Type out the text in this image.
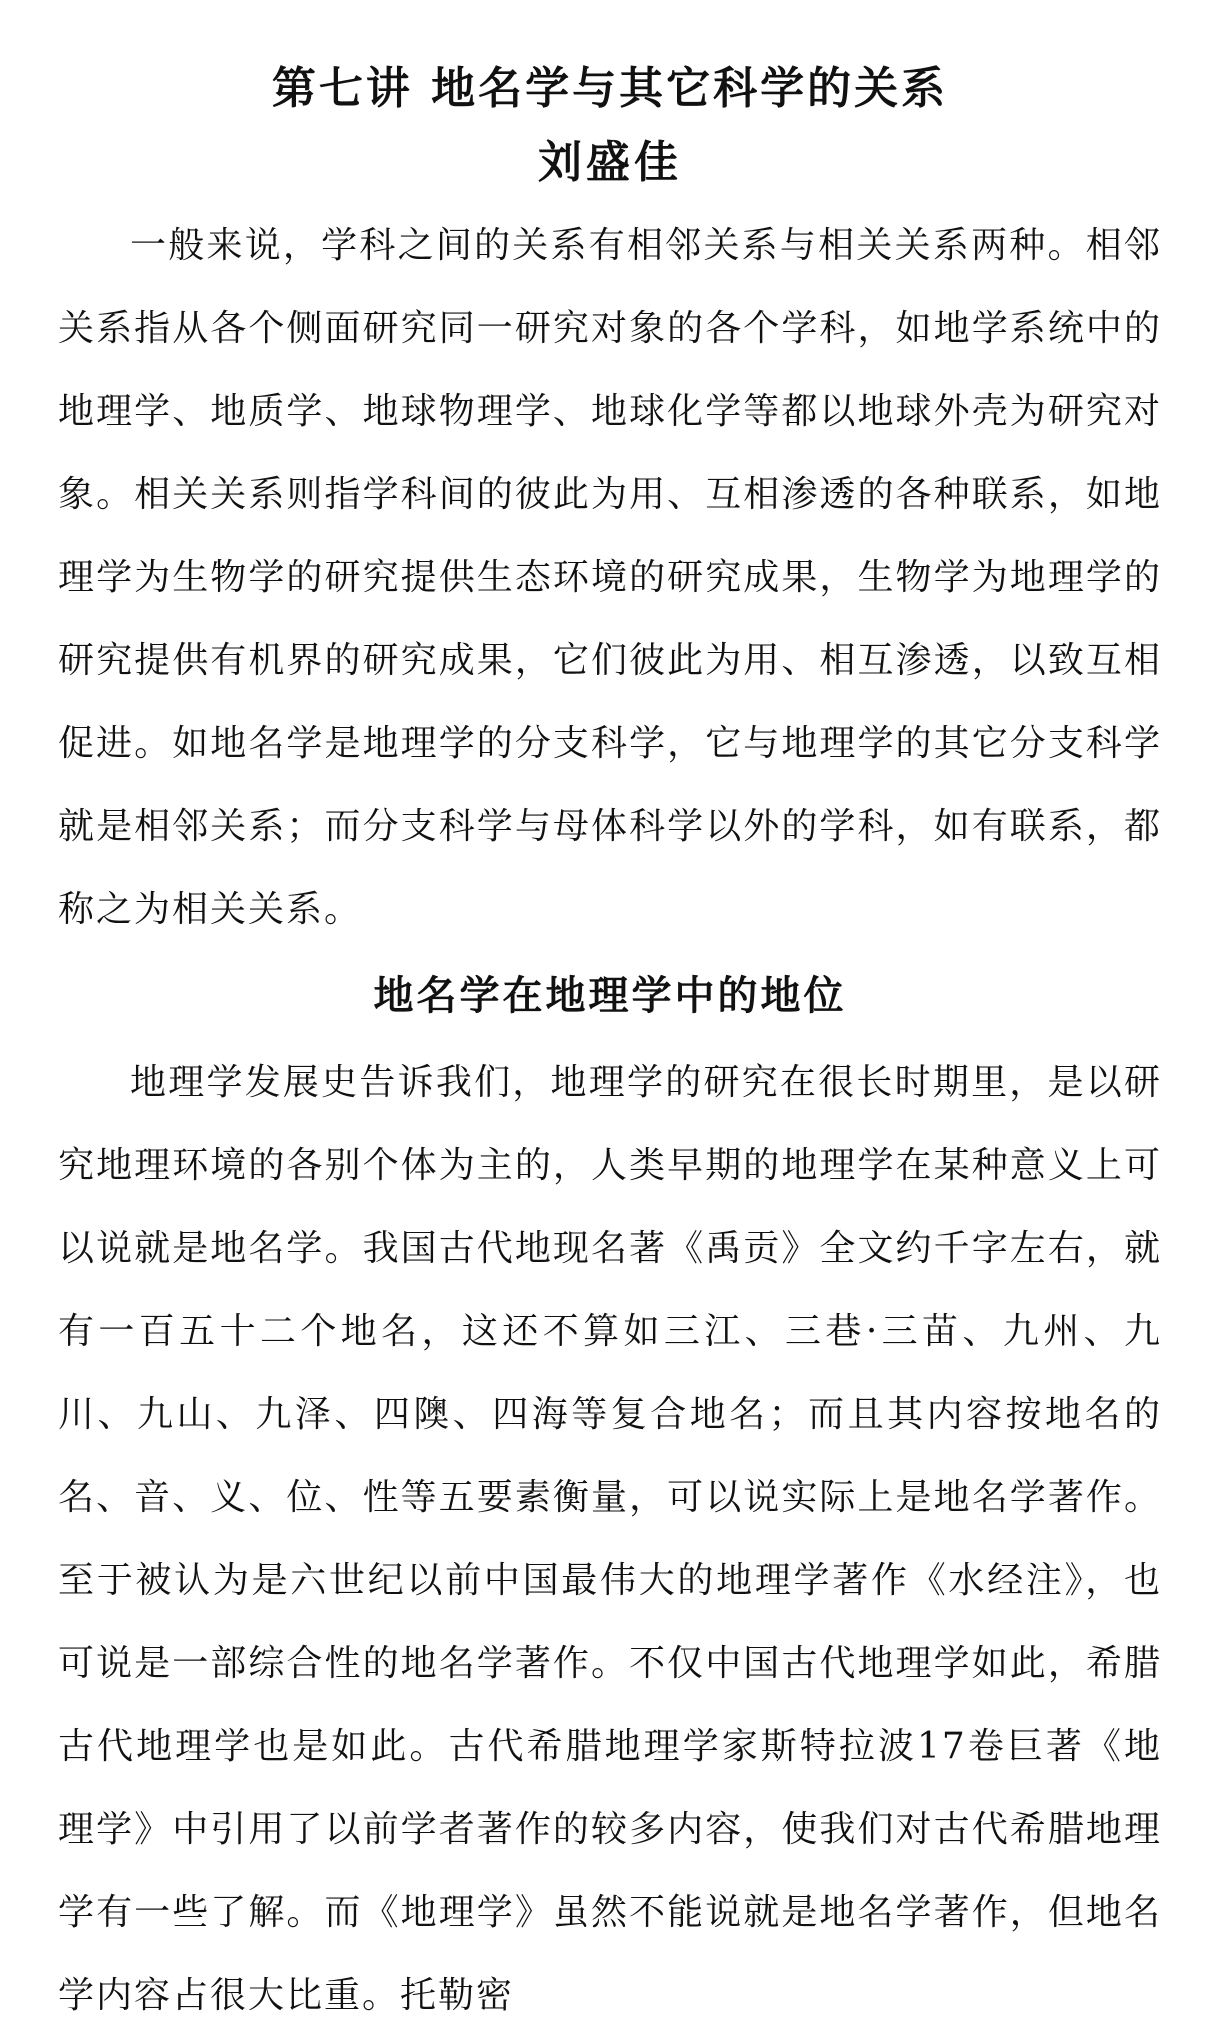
第七讲 地名学与其它科学的关系
刘盛佳

一般来说，学科之间的关系有相邻关系与相关关系两种。相邻关系指从各个侧面研究同一研究对象的各个学科，如地学系统中的地理学、地质学、地球物理学、地球化学等都以地球外壳为研究对象。相关关系则指学科间的彼此为用、互相渗透的各种联系，如地理学为生物学的研究提供生态环境的研究成果，生物学为地理学的研究提供有机界的研究成果，它们彼此为用、相互渗透，以致互相促进。如地名学是地理学的分支科学，它与地理学的其它分支科学就是相邻关系；而分支科学与母体科学以外的学科，如有联系，都称之为相关关系。

地名学在地理学中的地位

地理学发展史告诉我们，地理学的研究在很长时期里，是以研究地理环境的各别个体为主的，人类早期的地理学在某种意义上可以说就是地名学。我国古代地现名著《禹贡》全文约千字左右，就有一百五十二个地名，这还不算如三江、三巷·三苗、九州、九川、九山、九泽、四隩、四海等复合地名；而且其内容按地名的名、音、义、位、性等五要素衡量，可以说实际上是地名学著作。至于被认为是六世纪以前中国最伟大的地理学著作《水经注》，也可说是一部综合性的地名学著作。不仅中国古代地理学如此，希腊古代地理学也是如此。古代希腊地理学家斯特拉波17卷巨著《地理学》中引用了以前学者著作的较多内容，使我们对古代希腊地理学有一些了解。而《地理学》虽然不能说就是地名学著作，但地名学内容占很大比重。托勒密
